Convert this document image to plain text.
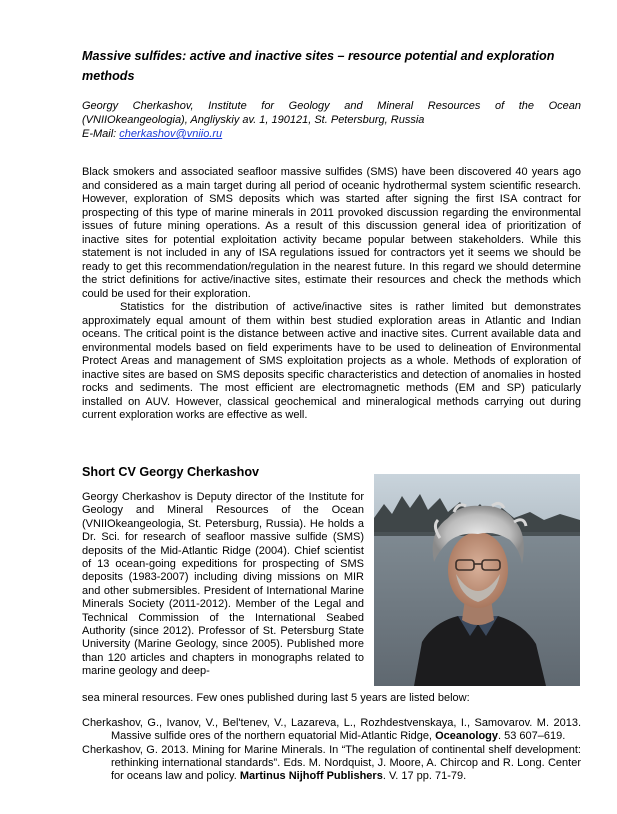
Massive sulfides: active and inactive sites – resource potential and exploration
methods
Georgy Cherkashov, Institute for Geology and Mineral Resources of the Ocean
(VNIIOkeangeologia), Angliyskiy av. 1, 190121, St. Petersburg, Russia
E-Mail: cherkashov@vniio.ru

Black smokers and associated seafloor massive sulfides (SMS) have been discovered 40 years ago and considered as a main target during all period of oceanic hydrothermal system scientific research. However, exploration of SMS deposits which was started after signing the first ISA contract for prospecting of this type of marine minerals in 2011 provoked discussion regarding the environmental issues of future mining operations. As a result of this discussion general idea of prioritization of inactive sites for potential exploitation activity became popular between stakeholders. While this statement is not included in any of ISA regulations issued for contractors yet it seems we should be ready to get this recommendation/regulation in the nearest future. In this regard we should determine the strict definitions for active/inactive sites, estimate their resources and check the methods which could be used for their exploration.

Statistics for the distribution of active/inactive sites is rather limited but demonstrates approximately equal amount of them within best studied exploration areas in Atlantic and Indian oceans. The critical point is the distance between active and inactive sites. Current available data and environmental models based on field experiments have to be used to delineation of Environmental Protect Areas and management of SMS exploitation projects as a whole. Methods of exploration of inactive sites are based on SMS deposits specific characteristics and detection of anomalies in hosted rocks and sediments. The most efficient are electromagnetic methods (EM and SP) paticularly installed on AUV. However, classical geochemical and mineralogical methods carrying out during current exploration works are effective as well.

Short CV Georgy Cherkashov
Georgy Cherkashov is Deputy director of the Institute for Geology and Mineral Resources of the Ocean (VNIIOkeangeologia, St. Petersburg, Russia). He holds a Dr. Sci. for research of seafloor massive sulfide (SMS) deposits of the Mid-Atlantic Ridge (2004). Chief scientist of 13 ocean-going expeditions for prospecting of SMS deposits (1983-2007) including diving missions on MIR and other submersibles. President of International Marine Minerals Society (2011-2012). Member of the Legal and Technical Commission of the International Seabed Authority (since 2012). Professor of St. Petersburg State University (Marine Geology, since 2005). Published more than 120 articles and chapters in monographs related to marine geology and deep-
sea mineral resources. Few ones published during last 5 years are listed below:
Cherkashov, G., Ivanov, V., Bel'tenev, V., Lazareva, L., Rozhdestvenskaya, I., Samovarov. M. 2013. Massive sulfide ores of the northern equatorial Mid-Atlantic Ridge, Oceanology. 53 607–619.
Cherkashov, G. 2013. Mining for Marine Minerals. In “The regulation of continental shelf development: rethinking international standards”. Eds. M. Nordquist, J. Moore, A. Chircop and R. Long. Center for oceans law and policy. Martinus Nijhoff Publishers. V. 17 pp. 71-79.
